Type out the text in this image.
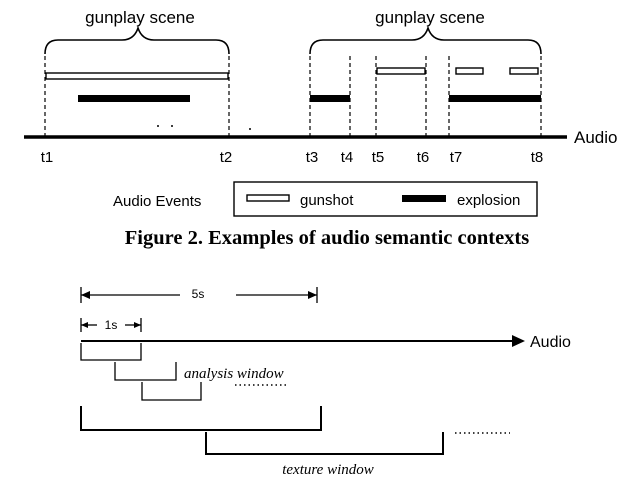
gunplay scene	gunplay scene
Audio
t1	t2	t3 t4 t5 t6 t7	t8
Audio Events	gunshot	explosion
Figure 2. Examples of audio semantic contexts
5s
1s
Audio
analysis window
texture window
